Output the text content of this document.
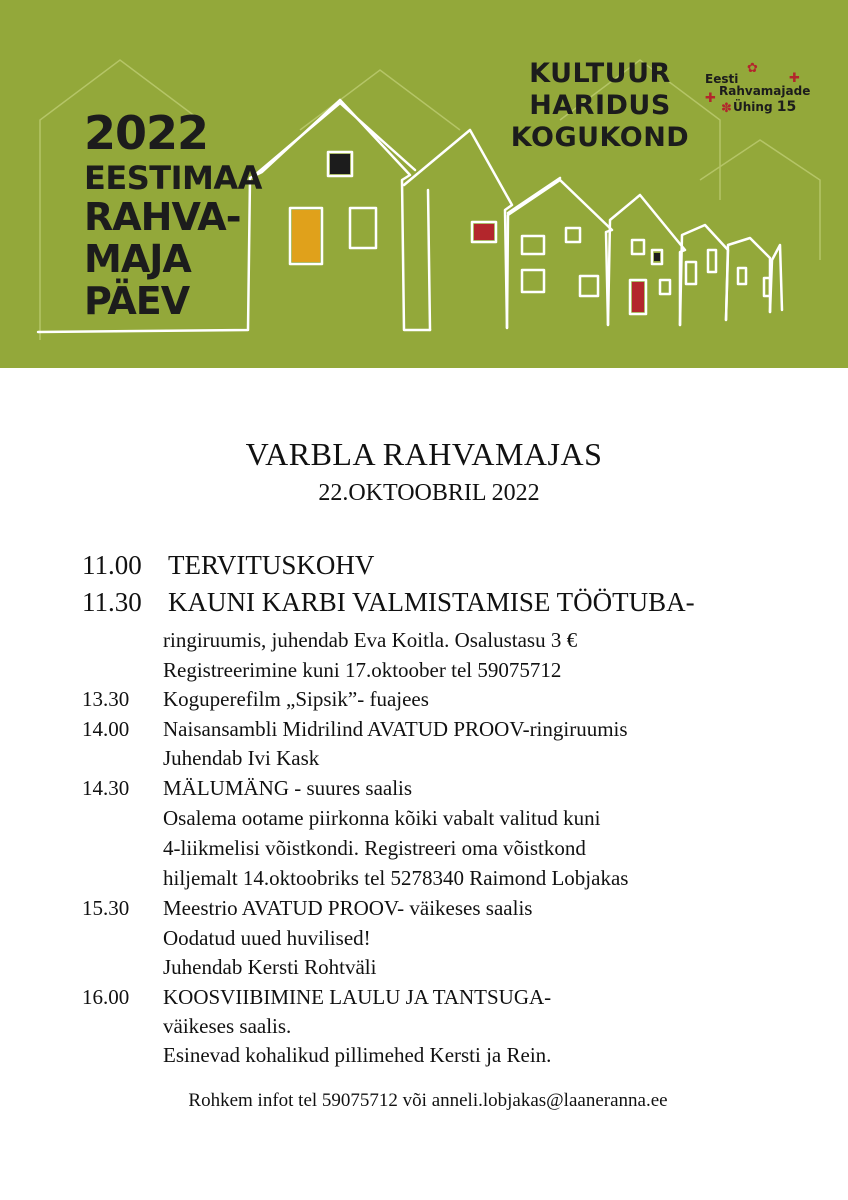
2022
EESTIMAA
RAHVA-
MAJA
PÄEV
KULTUUR
HARIDUS
KOGUKOND
✿
✚
✚
✽
Eesti
Rahvamajade
Ühing 15
VARBLA RAHVAMAJAS
22.OKTOOBRIL 2022
11.00 TERVITUSKOHV
11.30 KAUNI KARBI VALMISTAMISE TÖÖTUBA-
ringiruumis, juhendab Eva Koitla. Osalustasu 3 €
Registreerimine kuni 17.oktoober tel 59075712
13.30 Koguperefilm „Sipsik”- fuajees
14.00 Naisansambli Midrilind AVATUD PROOV-ringiruumis
Juhendab Ivi Kask
14.30 MÄLUMÄNG - suures saalis
Osalema ootame piirkonna kõiki vabalt valitud kuni
4-liikmelisi võistkondi. Registreeri oma võistkond
hiljemalt 14.oktoobriks tel 5278340 Raimond Lobjakas
15.30 Meestrio AVATUD PROOV- väikeses saalis
Oodatud uued huvilised!
Juhendab Kersti Rohtväli
16.00 KOOSVIIBIMINE LAULU JA TANTSUGA-
väikeses saalis.
Esinevad kohalikud pillimehed Kersti ja Rein.
Rohkem infot tel 59075712 või anneli.lobjakas@laaneranna.ee
